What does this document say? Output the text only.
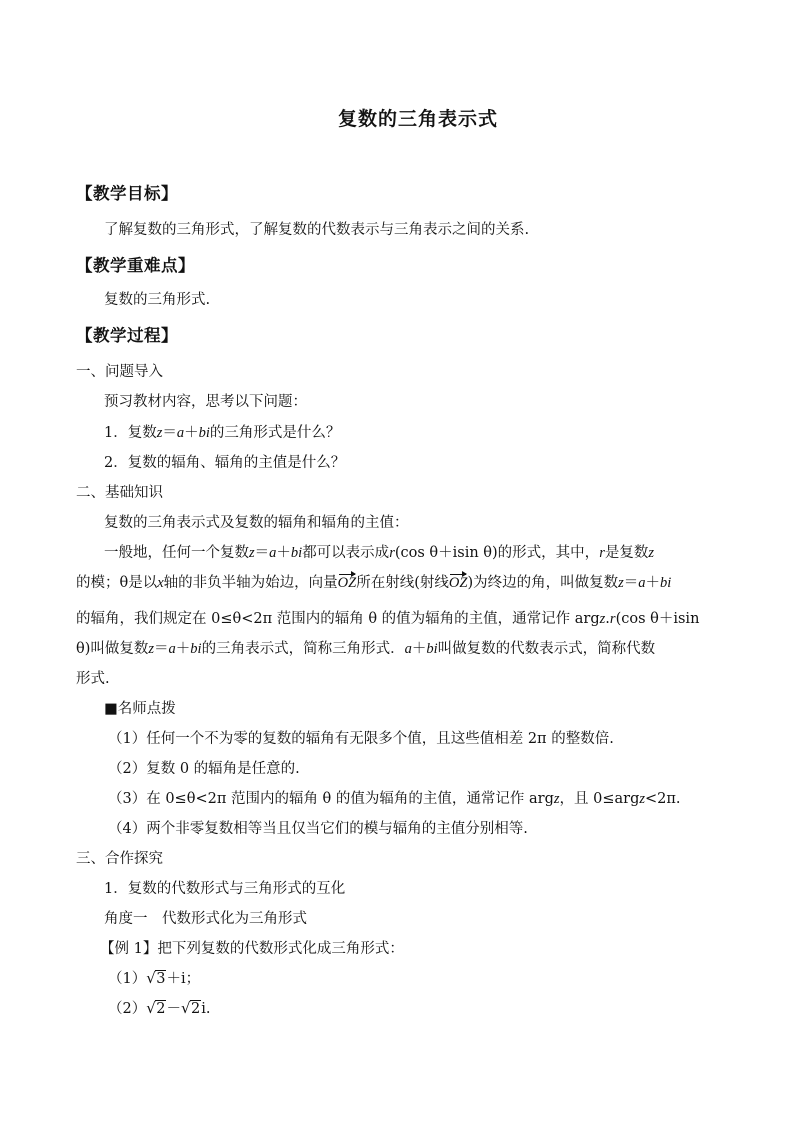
复数的三角表示式
【教学目标】
了解复数的三角形式，了解复数的代数表示与三角表示之间的关系.
【教学重难点】
复数的三角形式.
【教学过程】
一、问题导入
预习教材内容，思考以下问题：
1．复数z＝a＋bi的三角形式是什么？
2．复数的辐角、辐角的主值是什么？
二、基础知识
复数的三角表示式及复数的辐角和辐角的主值：
一般地，任何一个复数z＝a＋bi都可以表示成r(cos θ＋isin θ)的形式，其中，r是复数z
的模；θ是以x轴的非负半轴为始边，向量OZ所在射线(射线OZ)为终边的角，叫做复数z＝a＋bi
的辐角，我们规定在 0≤θ<2π 范围内的辐角 θ 的值为辐角的主值，通常记作 argz.r(cos θ＋isin
θ)叫做复数z＝a＋bi的三角表示式，简称三角形式．a＋bi叫做复数的代数表示式，简称代数
形式.
■名师点拨
（1）任何一个不为零的复数的辐角有无限多个值，且这些值相差 2π 的整数倍.
（2）复数 0 的辐角是任意的.
（3）在 0≤θ<2π 范围内的辐角 θ 的值为辐角的主值，通常记作 argz，且 0≤argz<2π.
（4）两个非零复数相等当且仅当它们的模与辐角的主值分别相等.
三、合作探究
1．复数的代数形式与三角形式的互化
角度一　代数形式化为三角形式
【例 1】把下列复数的代数形式化成三角形式：
（1） √ 3＋i；
（2） √ 2－ √ 2i.
